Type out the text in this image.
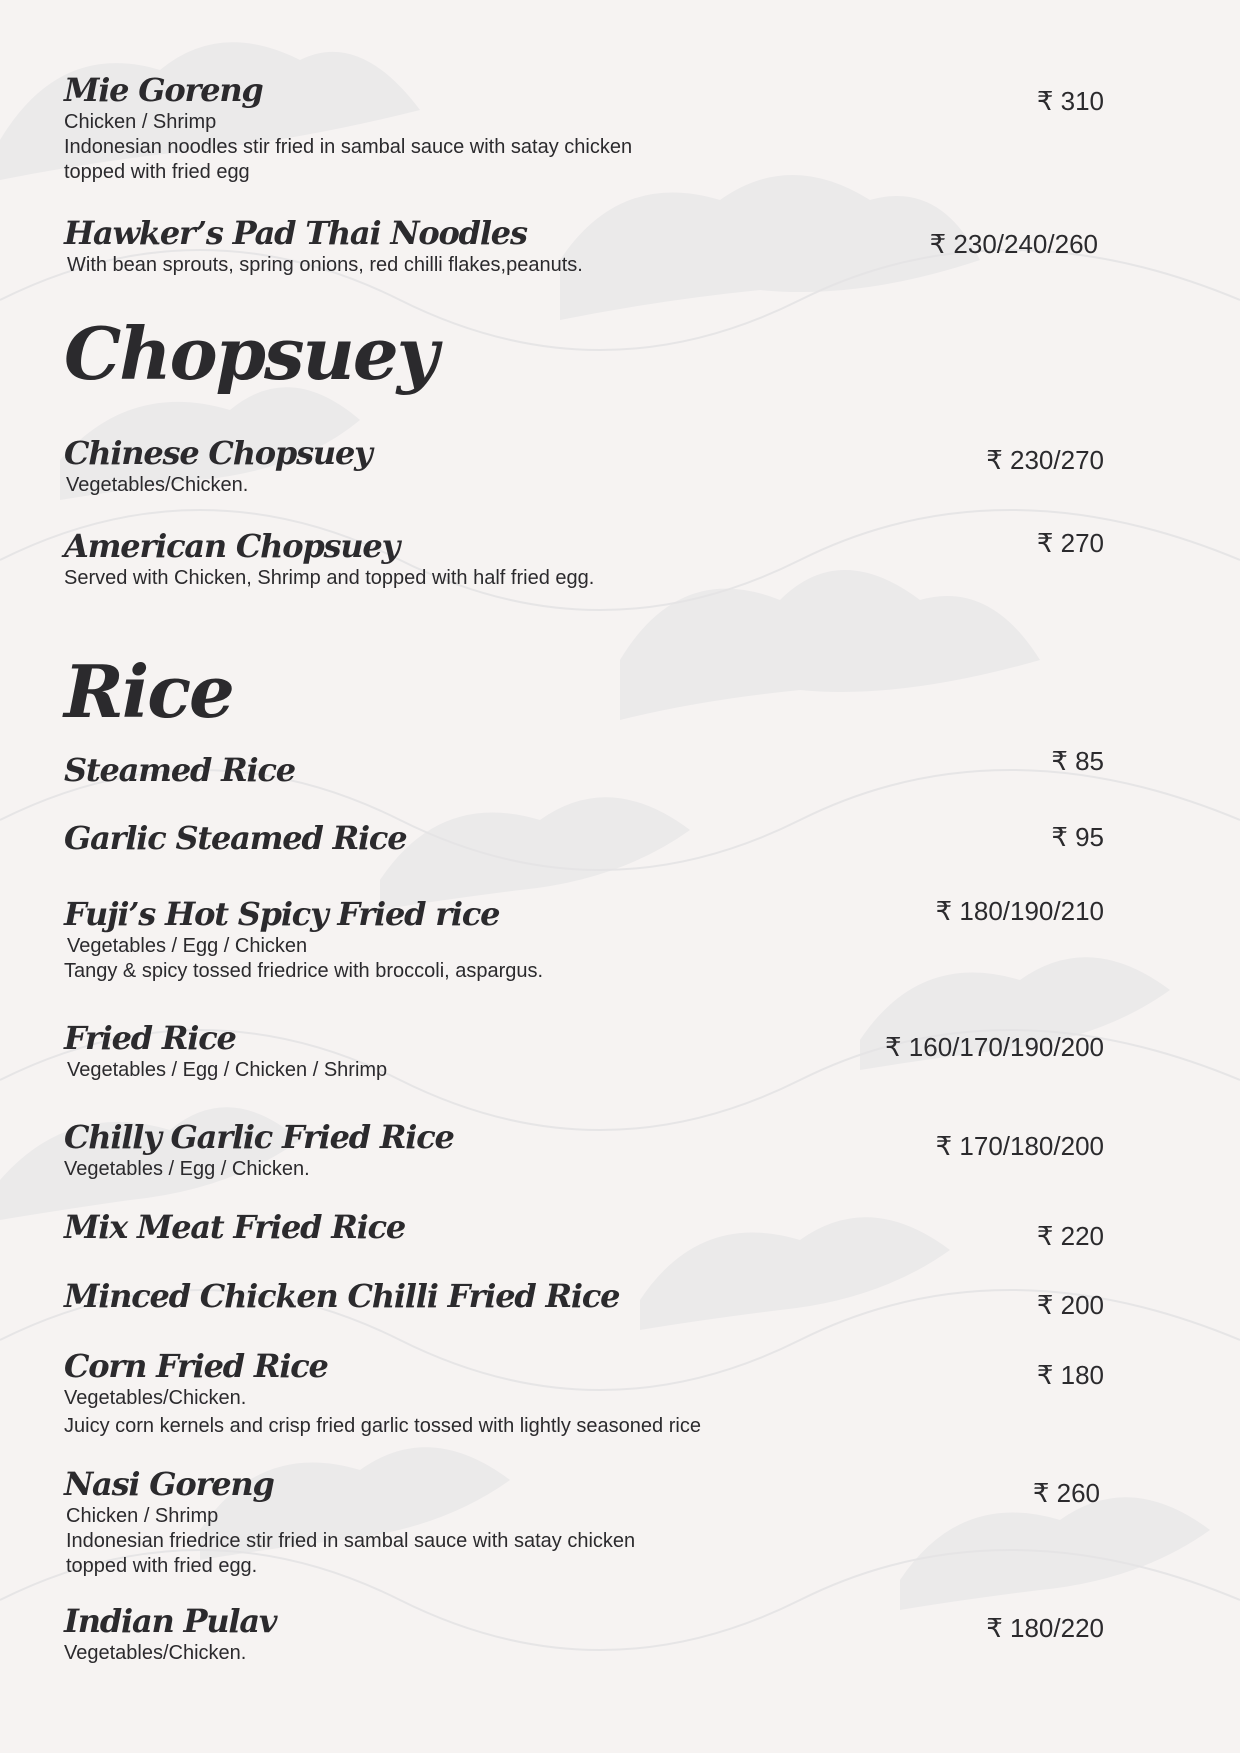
Mie Goreng
Chicken / Shrimp
Indonesian noodles stir fried in sambal sauce with satay chicken
topped with fried egg
₹ 310
Hawker’s Pad Thai Noodles
With bean sprouts, spring onions, red chilli flakes,peanuts.
₹ 230/240/260
Chopsuey
Chinese Chopsuey
Vegetables/Chicken.
₹ 230/270
American Chopsuey
Served with Chicken, Shrimp and topped with half fried egg.
₹ 270
Rice
Steamed Rice	₹ 85
Garlic Steamed Rice	₹ 95
Fuji’s Hot Spicy Fried rice
Vegetables / Egg / Chicken
Tangy & spicy tossed friedrice with broccoli, aspargus.
₹ 180/190/210
Fried Rice
Vegetables / Egg / Chicken / Shrimp
₹ 160/170/190/200
Chilly Garlic Fried Rice
Vegetables / Egg / Chicken.
₹ 170/180/200
Mix Meat Fried Rice	₹ 220
Minced Chicken Chilli Fried Rice	₹ 200
Corn Fried Rice
Vegetables/Chicken.
Juicy corn kernels and crisp fried garlic tossed with lightly seasoned rice
₹ 180
Nasi Goreng
Chicken / Shrimp
Indonesian friedrice stir fried in sambal sauce with satay chicken
topped with fried egg.
₹ 260
Indian Pulav
Vegetables/Chicken.
₹ 180/220
